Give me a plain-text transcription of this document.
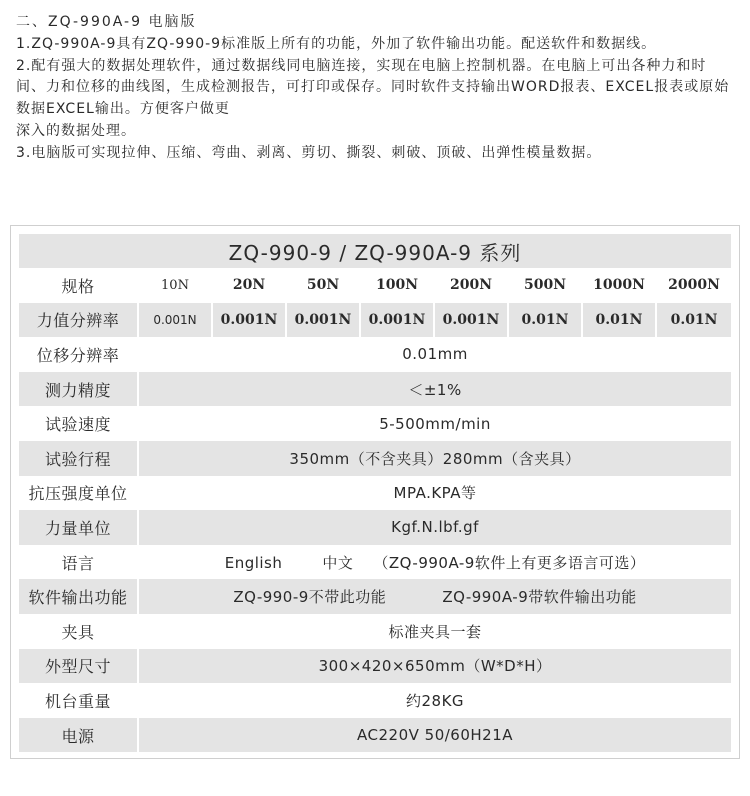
二、ZQ-990A-9 电脑版

1.ZQ-990A-9具有ZQ-990-9标准版上所有的功能，外加了软件输出功能。配送软件和数据线。

2.配有强大的数据处理软件，通过数据线同电脑连接，实现在电脑上控制机器。在电脑上可出各种力和时间、力和位移的曲线图，生成检测报告，可打印或保存。同时软件支持输出WORD报表、EXCEL报表或原始数据EXCEL输出。方便客户做更

深入的数据处理。

3.电脑版可实现拉伸、压缩、弯曲、剥离、剪切、撕裂、刺破、顶破、出弹性模量数据。

ZQ-990-9 / ZQ-990A-9 系列								
规格	10N	20N	50N	100N	200N	500N	1000N	2000N
力值分辨率	0.001N	0.001N	0.001N	0.001N	0.001N	0.01N	0.01N	0.01N
位移分辨率	0.01mm							
测力精度	＜±1%							
试验速度	5-500mm/min							
试验行程	350mm（不含夹具）280mm（含夹具）							
抗压强度单位	MPA.KPA等							
力量单位	Kgf.N.lbf.gf							
语言	English 中文 （ZQ-990A-9软件上有更多语言可选）							
软件输出功能	ZQ-990-9不带此功能 ZQ-990A-9带软件输出功能							
夹具	标准夹具一套							
外型尺寸	300×420×650mm（W*D*H）							
机台重量	约28KG							
电源	AC220V 50/60H21A							
